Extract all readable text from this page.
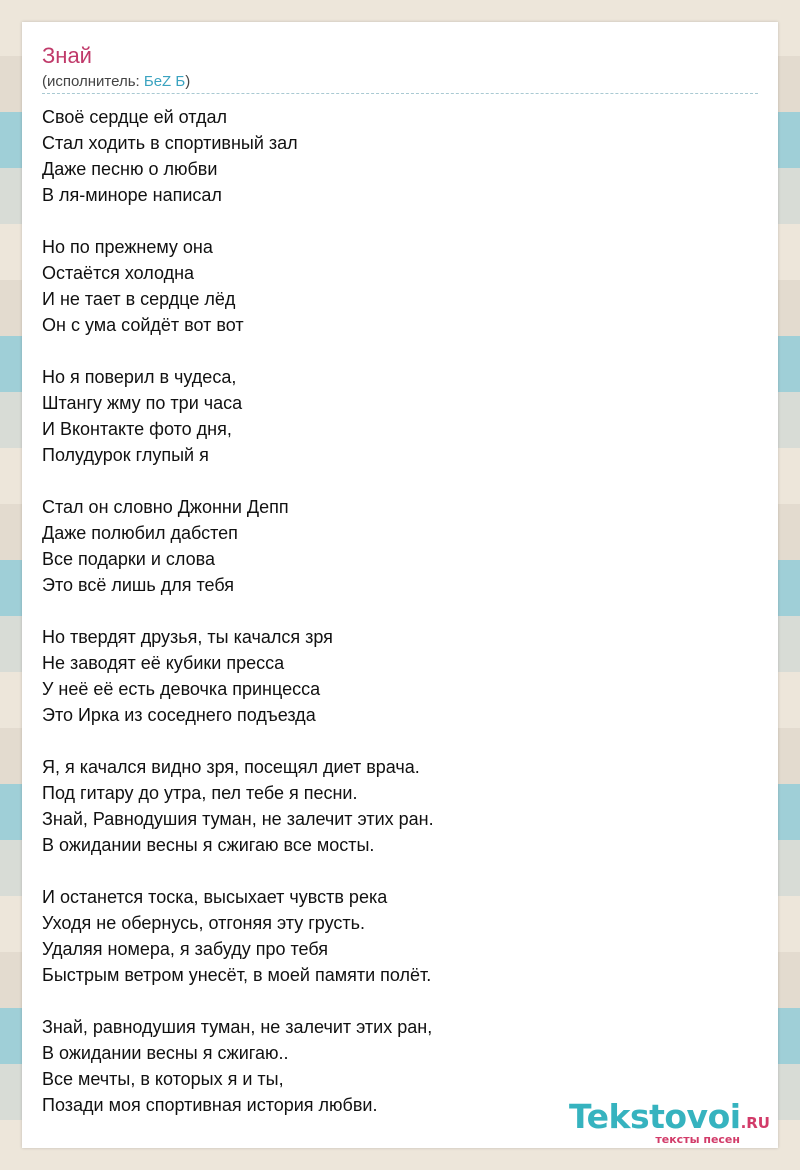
Знай
(исполнитель: БеZ Б)
Своё сердце ей отдал
Стал ходить в спортивный зал
Даже песню о любви
В ля-миноре написал
Но по прежнему она
Остаётся холодна
И не тает в сердце лёд
Он с ума сойдёт вот вот
Но я поверил в чудеса,
Штангу жму по три часа
И Вконтакте фото дня,
Полудурок глупый я
Стал он словно Джонни Депп
Даже полюбил дабстеп
Все подарки и слова
Это всё лишь для тебя
Но твердят друзья, ты качался зря
Не заводят её кубики пресса
У неё её есть девочка принцесса
Это Ирка из соседнего подъезда
Я, я качался видно зря, посещял диет врача.
Под гитару до утра, пел тебе я песни.
Знай, Равнодушия туман, не залечит этих ран.
В ожидании весны я сжигаю все мосты.
И останется тоска, высыхает чувств река
Уходя не обернусь, отгоняя эту грусть.
Удаляя номера, я забуду про тебя
Быстрым ветром унесёт, в моей памяти полёт.
Знай, равнодушия туман, не залечит этих ран,
В ожидании весны я сжигаю..
Все мечты, в которых я и ты,
Позади моя спортивная история любви.	Tekstovoi.RU
тексты песен
